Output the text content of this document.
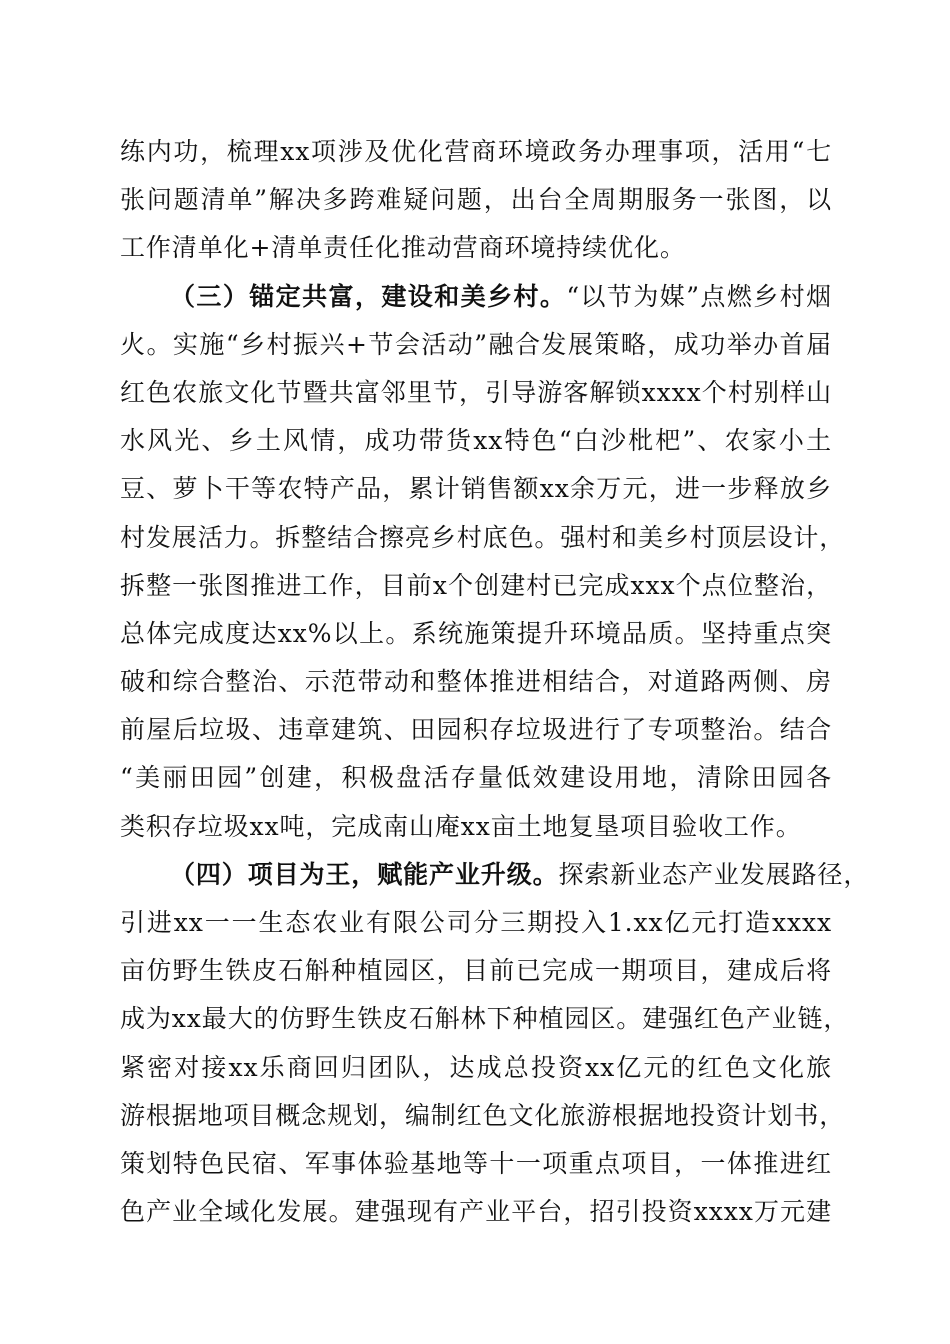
练内功，梳理xx项涉及优化营商环境政务办理事项，活用“七
张问题清单”解决多跨难疑问题，出台全周期服务一张图，以
工作清单化+清单责任化推动营商环境持续优化。
（三）锚定共富，建设和美乡村。“以节为媒”点燃乡村烟
火。实施“乡村振兴+节会活动”融合发展策略，成功举办首届
红色农旅文化节暨共富邻里节，引导游客解锁xxxx个村别样山
水风光、乡土风情，成功带货xx特色“白沙枇杷”、农家小土
豆、萝卜干等农特产品，累计销售额xx余万元，进一步释放乡
村发展活力。拆整结合擦亮乡村底色。强村和美乡村顶层设计，
拆整一张图推进工作，目前x个创建村已完成xxx个点位整治，
总体完成度达xx%以上。系统施策提升环境品质。坚持重点突
破和综合整治、示范带动和整体推进相结合，对道路两侧、房
前屋后垃圾、违章建筑、田园积存垃圾进行了专项整治。结合
“美丽田园”创建，积极盘活存量低效建设用地，清除田园各
类积存垃圾xx吨，完成南山庵xx亩土地复垦项目验收工作。
（四）项目为王，赋能产业升级。探索新业态产业发展路径，
引进xx一一生态农业有限公司分三期投入1.xx亿元打造xxxx
亩仿野生铁皮石斛种植园区，目前已完成一期项目，建成后将
成为xx最大的仿野生铁皮石斛林下种植园区。建强红色产业链，
紧密对接xx乐商回归团队，达成总投资xx亿元的红色文化旅
游根据地项目概念规划，编制红色文化旅游根据地投资计划书，
策划特色民宿、军事体验基地等十一项重点项目，一体推进红
色产业全域化发展。建强现有产业平台，招引投资xxxx万元建
